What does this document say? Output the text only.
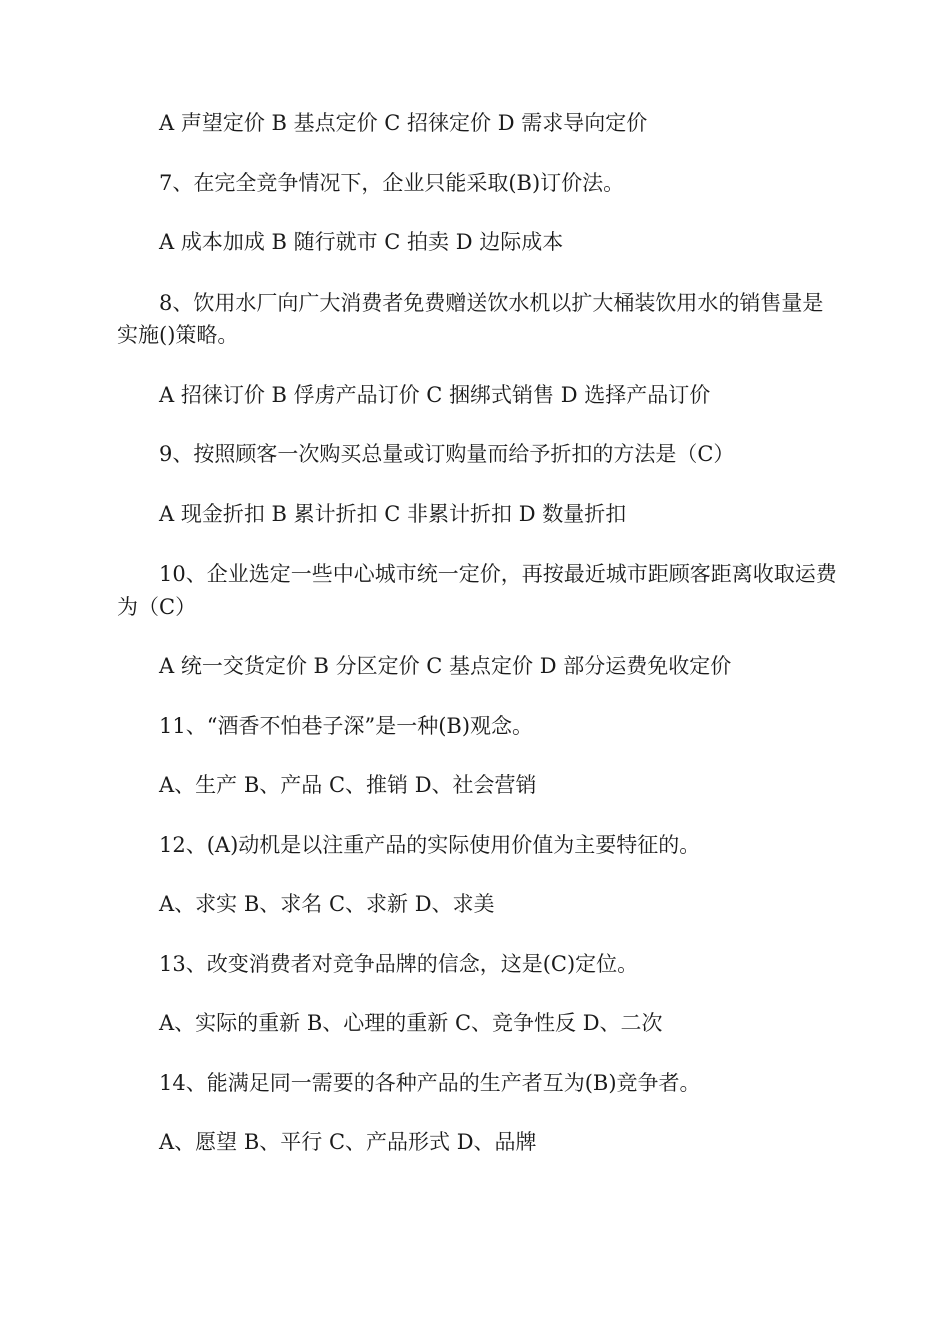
A 声望定价 B 基点定价 C 招徕定价 D 需求导向定价

7、在完全竞争情况下，企业只能采取(B)订价法。

A 成本加成 B 随行就市 C 拍卖 D 边际成本

8、饮用水厂向广大消费者免费赠送饮水机以扩大桶装饮用水的销售量是实施()策略。

A 招徕订价 B 俘虏产品订价 C 捆绑式销售 D 选择产品订价

9、按照顾客一次购买总量或订购量而给予折扣的方法是（C）

A 现金折扣 B 累计折扣 C 非累计折扣 D 数量折扣

10、企业选定一些中心城市统一定价，再按最近城市距顾客距离收取运费为（C）

A 统一交货定价 B 分区定价 C 基点定价 D 部分运费免收定价

11、“酒香不怕巷子深”是一种(B)观念。

A、生产 B、产品 C、推销 D、社会营销

12、(A)动机是以注重产品的实际使用价值为主要特征的。

A、求实 B、求名 C、求新 D、求美

13、改变消费者对竞争品牌的信念，这是(C)定位。

A、实际的重新 B、心理的重新 C、竞争性反 D、二次

14、能满足同一需要的各种产品的生产者互为(B)竞争者。

A、愿望 B、平行 C、产品形式 D、品牌
